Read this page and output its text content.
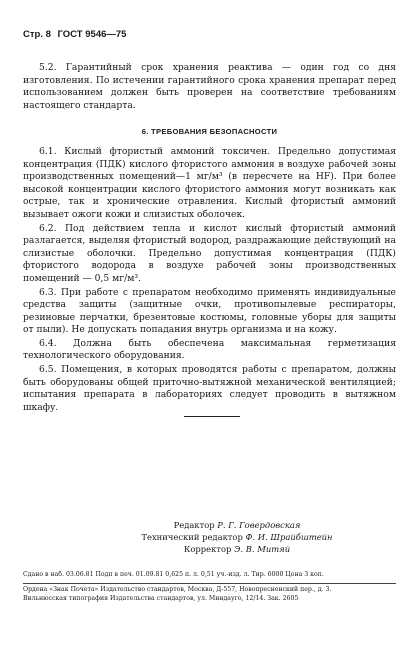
Стр. 8 ГОСТ 9546—75

5.2. Гарантийный срок хранения реактива — один год со дня изготовления. По истечении гарантийного срока хранения препарат перед использованием должен быть проверен на соответствие требованиям настоящего стандарта.

6. ТРЕБОВАНИЯ БЕЗОПАСНОСТИ

6.1. Кислый фтористый аммоний токсичен. Предельно допустимая концентрация (ПДК) кислого фтористого аммония в воздухе рабочей зоны производственных помещений—1 мг/м³ (в пересчете на HF). При более высокой концентрации кислого фтористого аммония могут возникать как острые, так и хронические отравления. Кислый фтористый аммоний вызывает ожоги кожи и слизистых оболочек.

6.2. Под действием тепла и кислот кислый фтористый аммоний разлагается, выделяя фтористый водород, раздражающие действующий на слизистые оболочки. Предельно допустимая концентрация (ПДК) фтористого водорода в воздухе рабочей зоны производственных помещений — 0,5 мг/м³.

6.3. При работе с препаратом необходимо применять индивидуальные средства защиты (защитные очки, противопылевые респираторы, резиновые перчатки, брезентовые костюмы, головные уборы для защиты от пыли). Не допускать попадания внутрь организма и на кожу.

6.4. Должна быть обеспечена максимальная герметизация технологического оборудования.

6.5. Помещения, в которых проводятся работы с препаратом, должны быть оборудованы общей приточно-вытяжной механической вентиляцией; испытания препарата в лабораториях следует проводить в вытяжном шкафу.

Редактор Р. Г. Говердовская
Технический редактор Ф. И. Шрайбштейн
Корректор Э. В. Митяй
Сдано в наб. 03.06.81 Подп в печ. 01.09.81 0,625 п. л. 0,51 уч.-изд. л. Тир. 6000 Цена 3 коп.
Ордена «Знак Почета» Издательство стандартов, Москва, Д-557, Новопресненский пер., д. 3.
Вильнюсская типография Издательства стандартов, ул. Миндауго, 12/14. Зак. 2605
